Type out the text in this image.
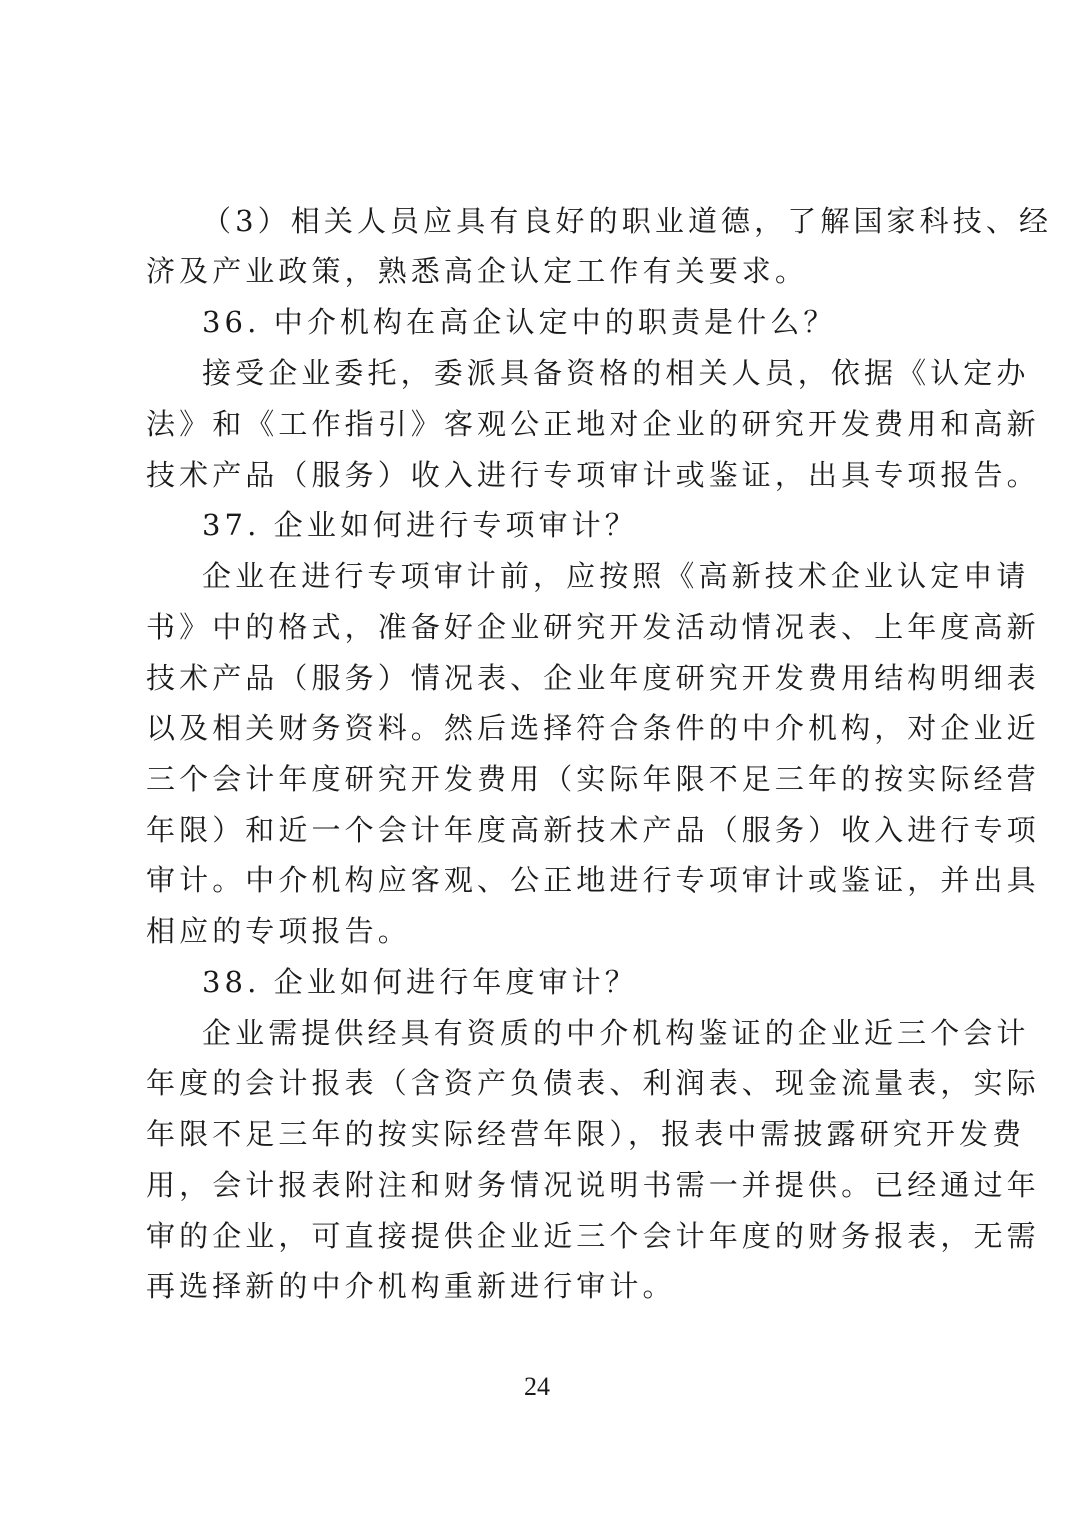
（3）相关人员应具有良好的职业道德，了解国家科技、经
济及产业政策，熟悉高企认定工作有关要求。
36. 中介机构在高企认定中的职责是什么？
接受企业委托，委派具备资格的相关人员，依据《认定办
法》和《工作指引》客观公正地对企业的研究开发费用和高新
技术产品（服务）收入进行专项审计或鉴证，出具专项报告。
37. 企业如何进行专项审计？
企业在进行专项审计前，应按照《高新技术企业认定申请
书》中的格式，准备好企业研究开发活动情况表、上年度高新
技术产品（服务）情况表、企业年度研究开发费用结构明细表
以及相关财务资料。然后选择符合条件的中介机构，对企业近
三个会计年度研究开发费用（实际年限不足三年的按实际经营
年限）和近一个会计年度高新技术产品（服务）收入进行专项
审计。中介机构应客观、公正地进行专项审计或鉴证，并出具
相应的专项报告。
38. 企业如何进行年度审计？
企业需提供经具有资质的中介机构鉴证的企业近三个会计
年度的会计报表（含资产负债表、利润表、现金流量表，实际
年限不足三年的按实际经营年限），报表中需披露研究开发费
用，会计报表附注和财务情况说明书需一并提供。已经通过年
审的企业，可直接提供企业近三个会计年度的财务报表，无需
再选择新的中介机构重新进行审计。
24
